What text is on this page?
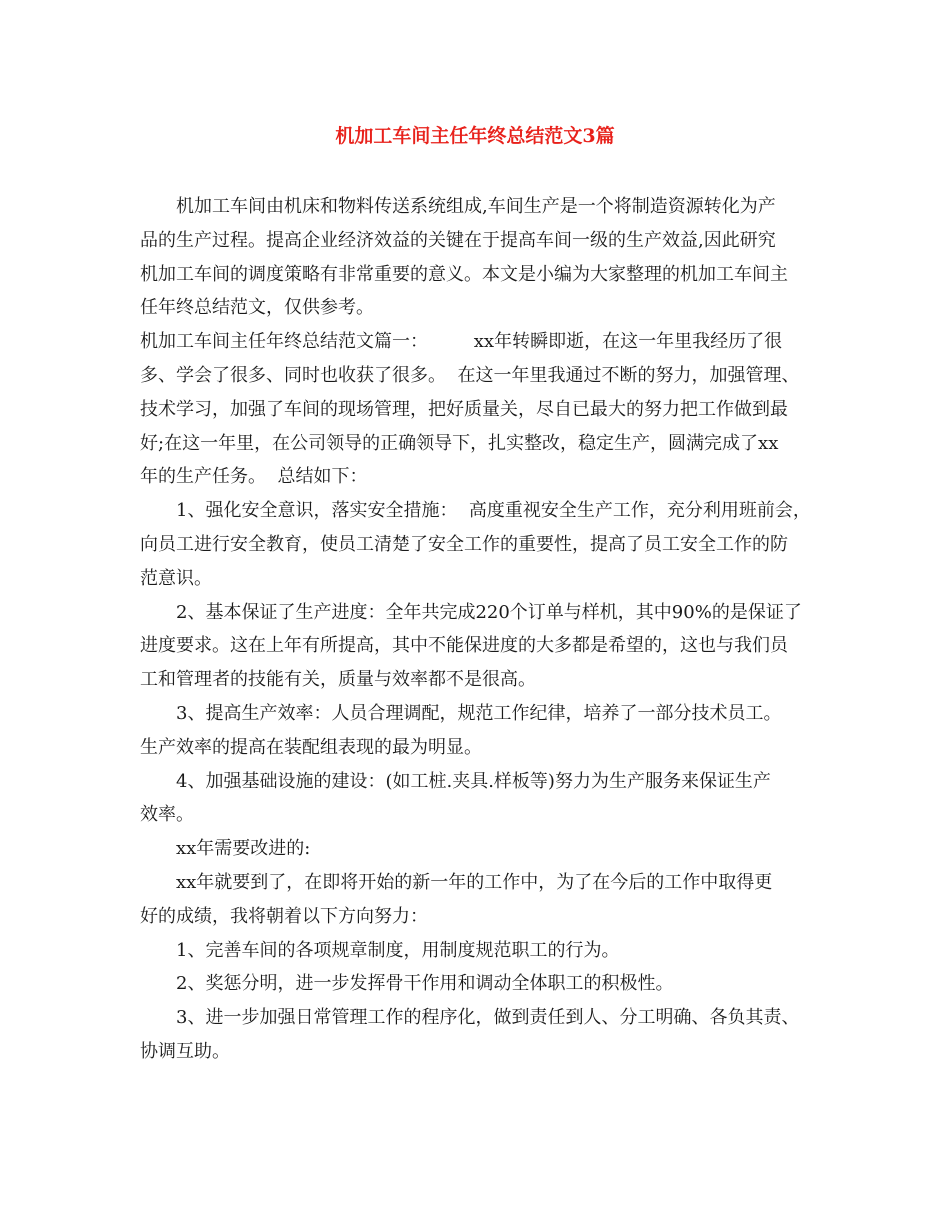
机加工车间主任年终总结范文3篇
机加工车间由机床和物料传送系统组成,车间生产是一个将制造资源转化为产
品的生产过程。提高企业经济效益的关键在于提高车间一级的生产效益,因此研究
机加工车间的调度策略有非常重要的意义。本文是小编为大家整理的机加工车间主
任年终总结范文，仅供参考。
机加工车间主任年终总结范文篇一：        xx年转瞬即逝，在这一年里我经历了很
多、学会了很多、同时也收获了很多。  在这一年里我通过不断的努力，加强管理、
技术学习，加强了车间的现场管理，把好质量关，尽自已最大的努力把工作做到最
好;在这一年里，在公司领导的正确领导下，扎实整改，稳定生产，圆满完成了xx
年的生产任务。  总结如下：
1、强化安全意识，落实安全措施：  高度重视安全生产工作，充分利用班前会，
向员工进行安全教育，使员工清楚了安全工作的重要性，提高了员工安全工作的防
范意识。
2、基本保证了生产进度：全年共完成220个订单与样机，其中90%的是保证了
进度要求。这在上年有所提高，其中不能保进度的大多都是希望的，这也与我们员
工和管理者的技能有关，质量与效率都不是很高。
3、提高生产效率：人员合理调配，规范工作纪律，培养了一部分技术员工。
生产效率的提高在装配组表现的最为明显。
4、加强基础设施的建设：(如工桩.夹具.样板等)努力为生产服务来保证生产
效率。
xx年需要改进的:
xx年就要到了，在即将开始的新一年的工作中，为了在今后的工作中取得更
好的成绩，我将朝着以下方向努力：
1、完善车间的各项规章制度，用制度规范职工的行为。
2、奖惩分明，进一步发挥骨干作用和调动全体职工的积极性。
3、进一步加强日常管理工作的程序化，做到责任到人、分工明确、各负其责、
协调互助。
